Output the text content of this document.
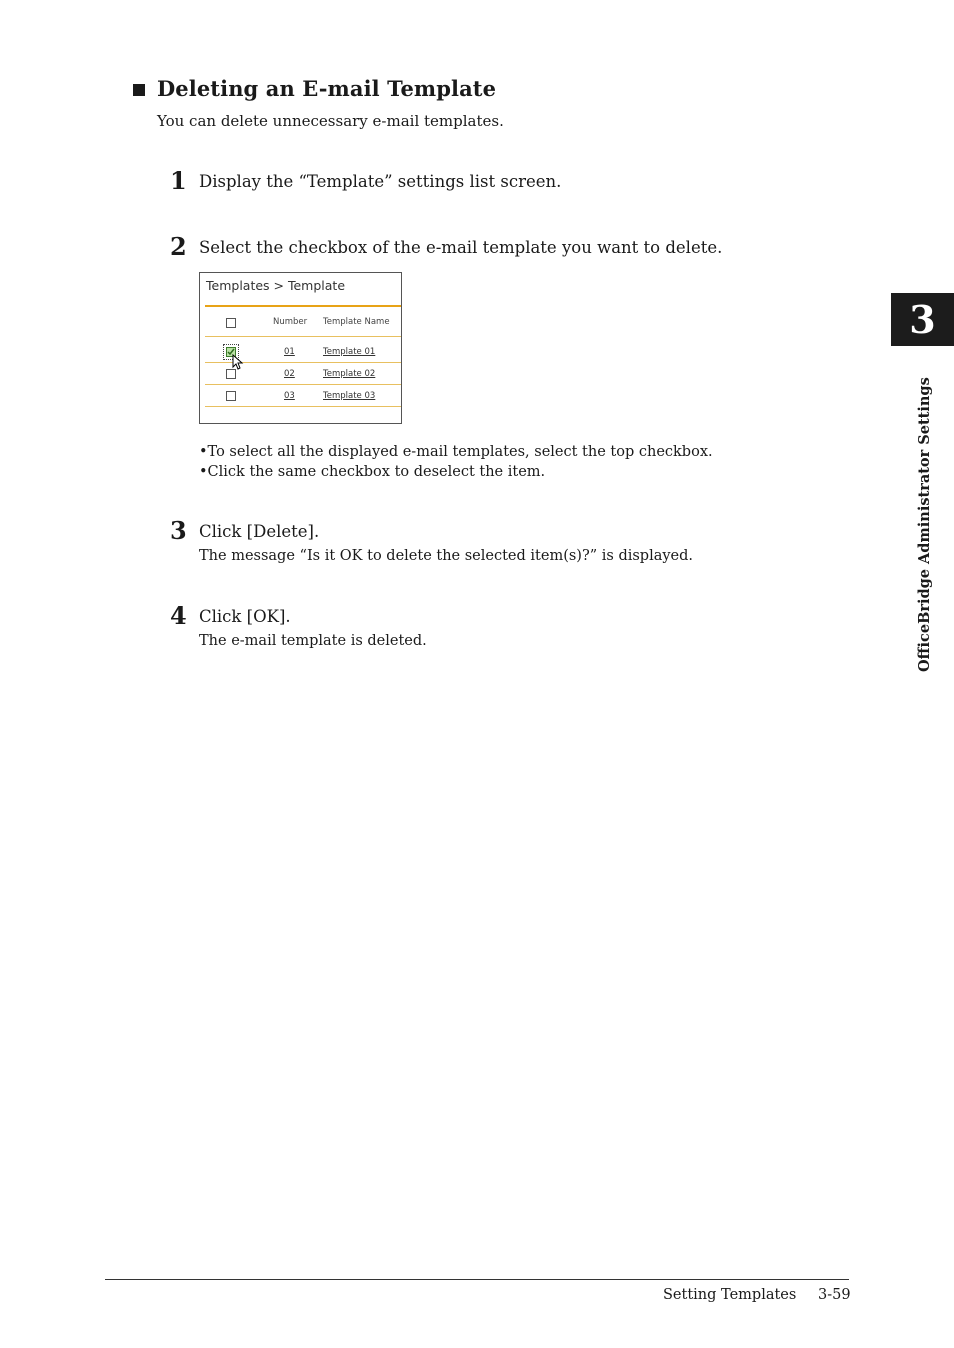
Deleting an E-mail Template
You can delete unnecessary e-mail templates.
1 Display the “Template” settings list screen.
2 Select the checkbox of the e-mail template you want to delete.
Templates > Template
Number Template Name
01	Template 01
02	Template 02
03	Template 03
•To select all the displayed e-mail templates, select the top checkbox.
•Click the same checkbox to deselect the item.
3 Click [Delete].
The message “Is it OK to delete the selected item(s)?” is displayed.
4 Click [OK].
The e-mail template is deleted.
3
OfficeBridge Administrator Settings
Setting Templates 3-59
